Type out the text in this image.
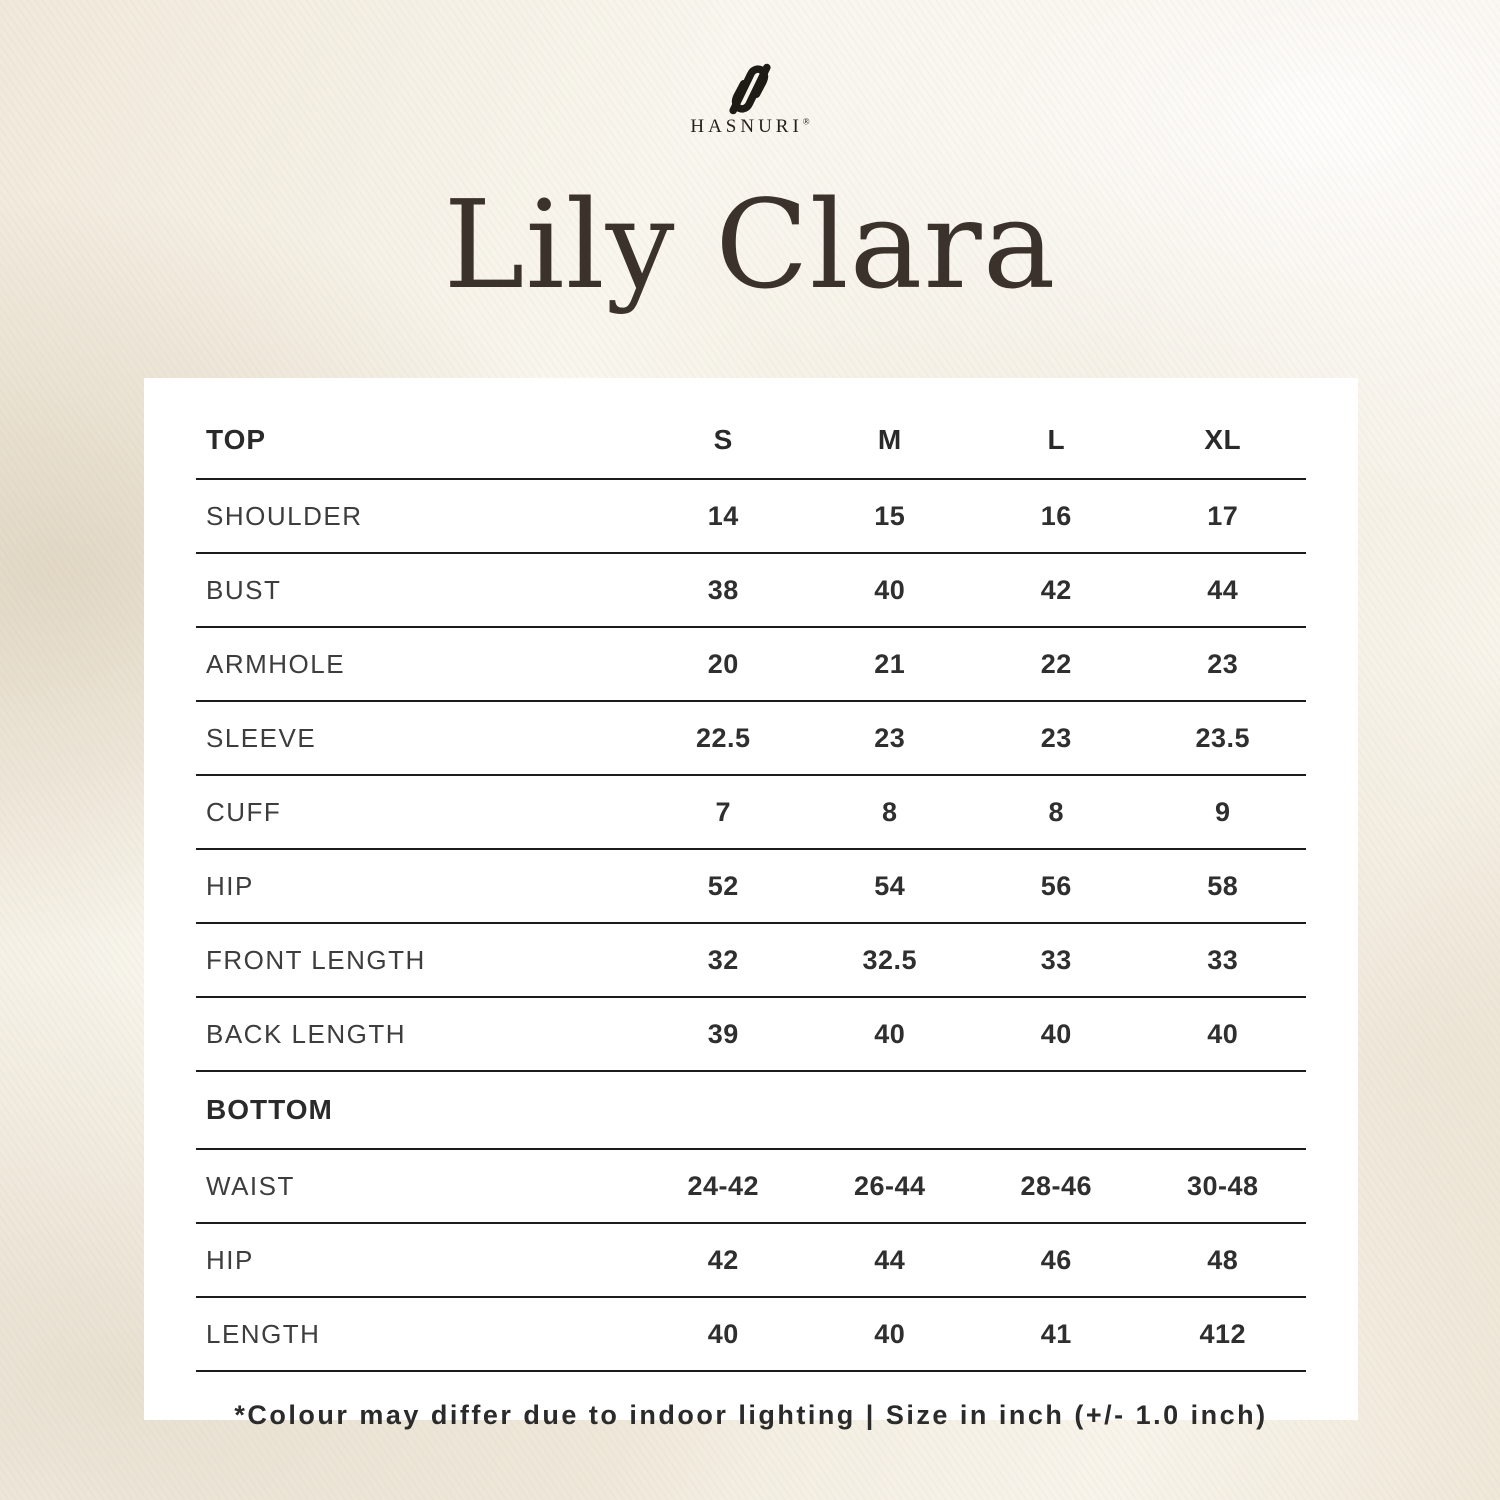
HASNURI®
Lily Clara
TOP	S	M	L	XL
SHOULDER	14	15	16	17
BUST	38	40	42	44
ARMHOLE	20	21	22	23
SLEEVE	22.5	23	23	23.5
CUFF	7	8	8	9
HIP	52	54	56	58
FRONT LENGTH	32	32.5	33	33
BACK LENGTH	39	40	40	40
BOTTOM
WAIST	24-42	26-44	28-46	30-48
HIP	42	44	46	48
LENGTH	40	40	41	412
*Colour may differ due to indoor lighting | Size in inch (+/- 1.0 inch)
